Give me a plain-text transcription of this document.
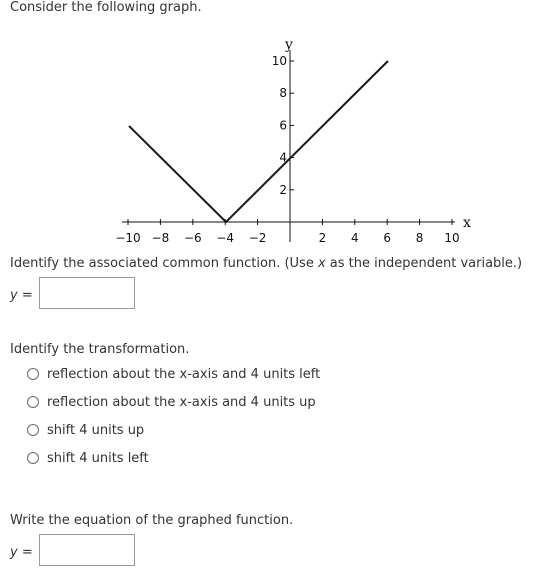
Consider the following graph.
−10 −8 −6 −4 −2	2 4 6 8 10
10
8
6
4
2
y
x
Identify the associated common function. (Use x as the independent variable.)
y =
Identify the transformation.
reflection about the x-axis and 4 units left
reflection about the x-axis and 4 units up
shift 4 units up
shift 4 units left
Write the equation of the graphed function.
y =
